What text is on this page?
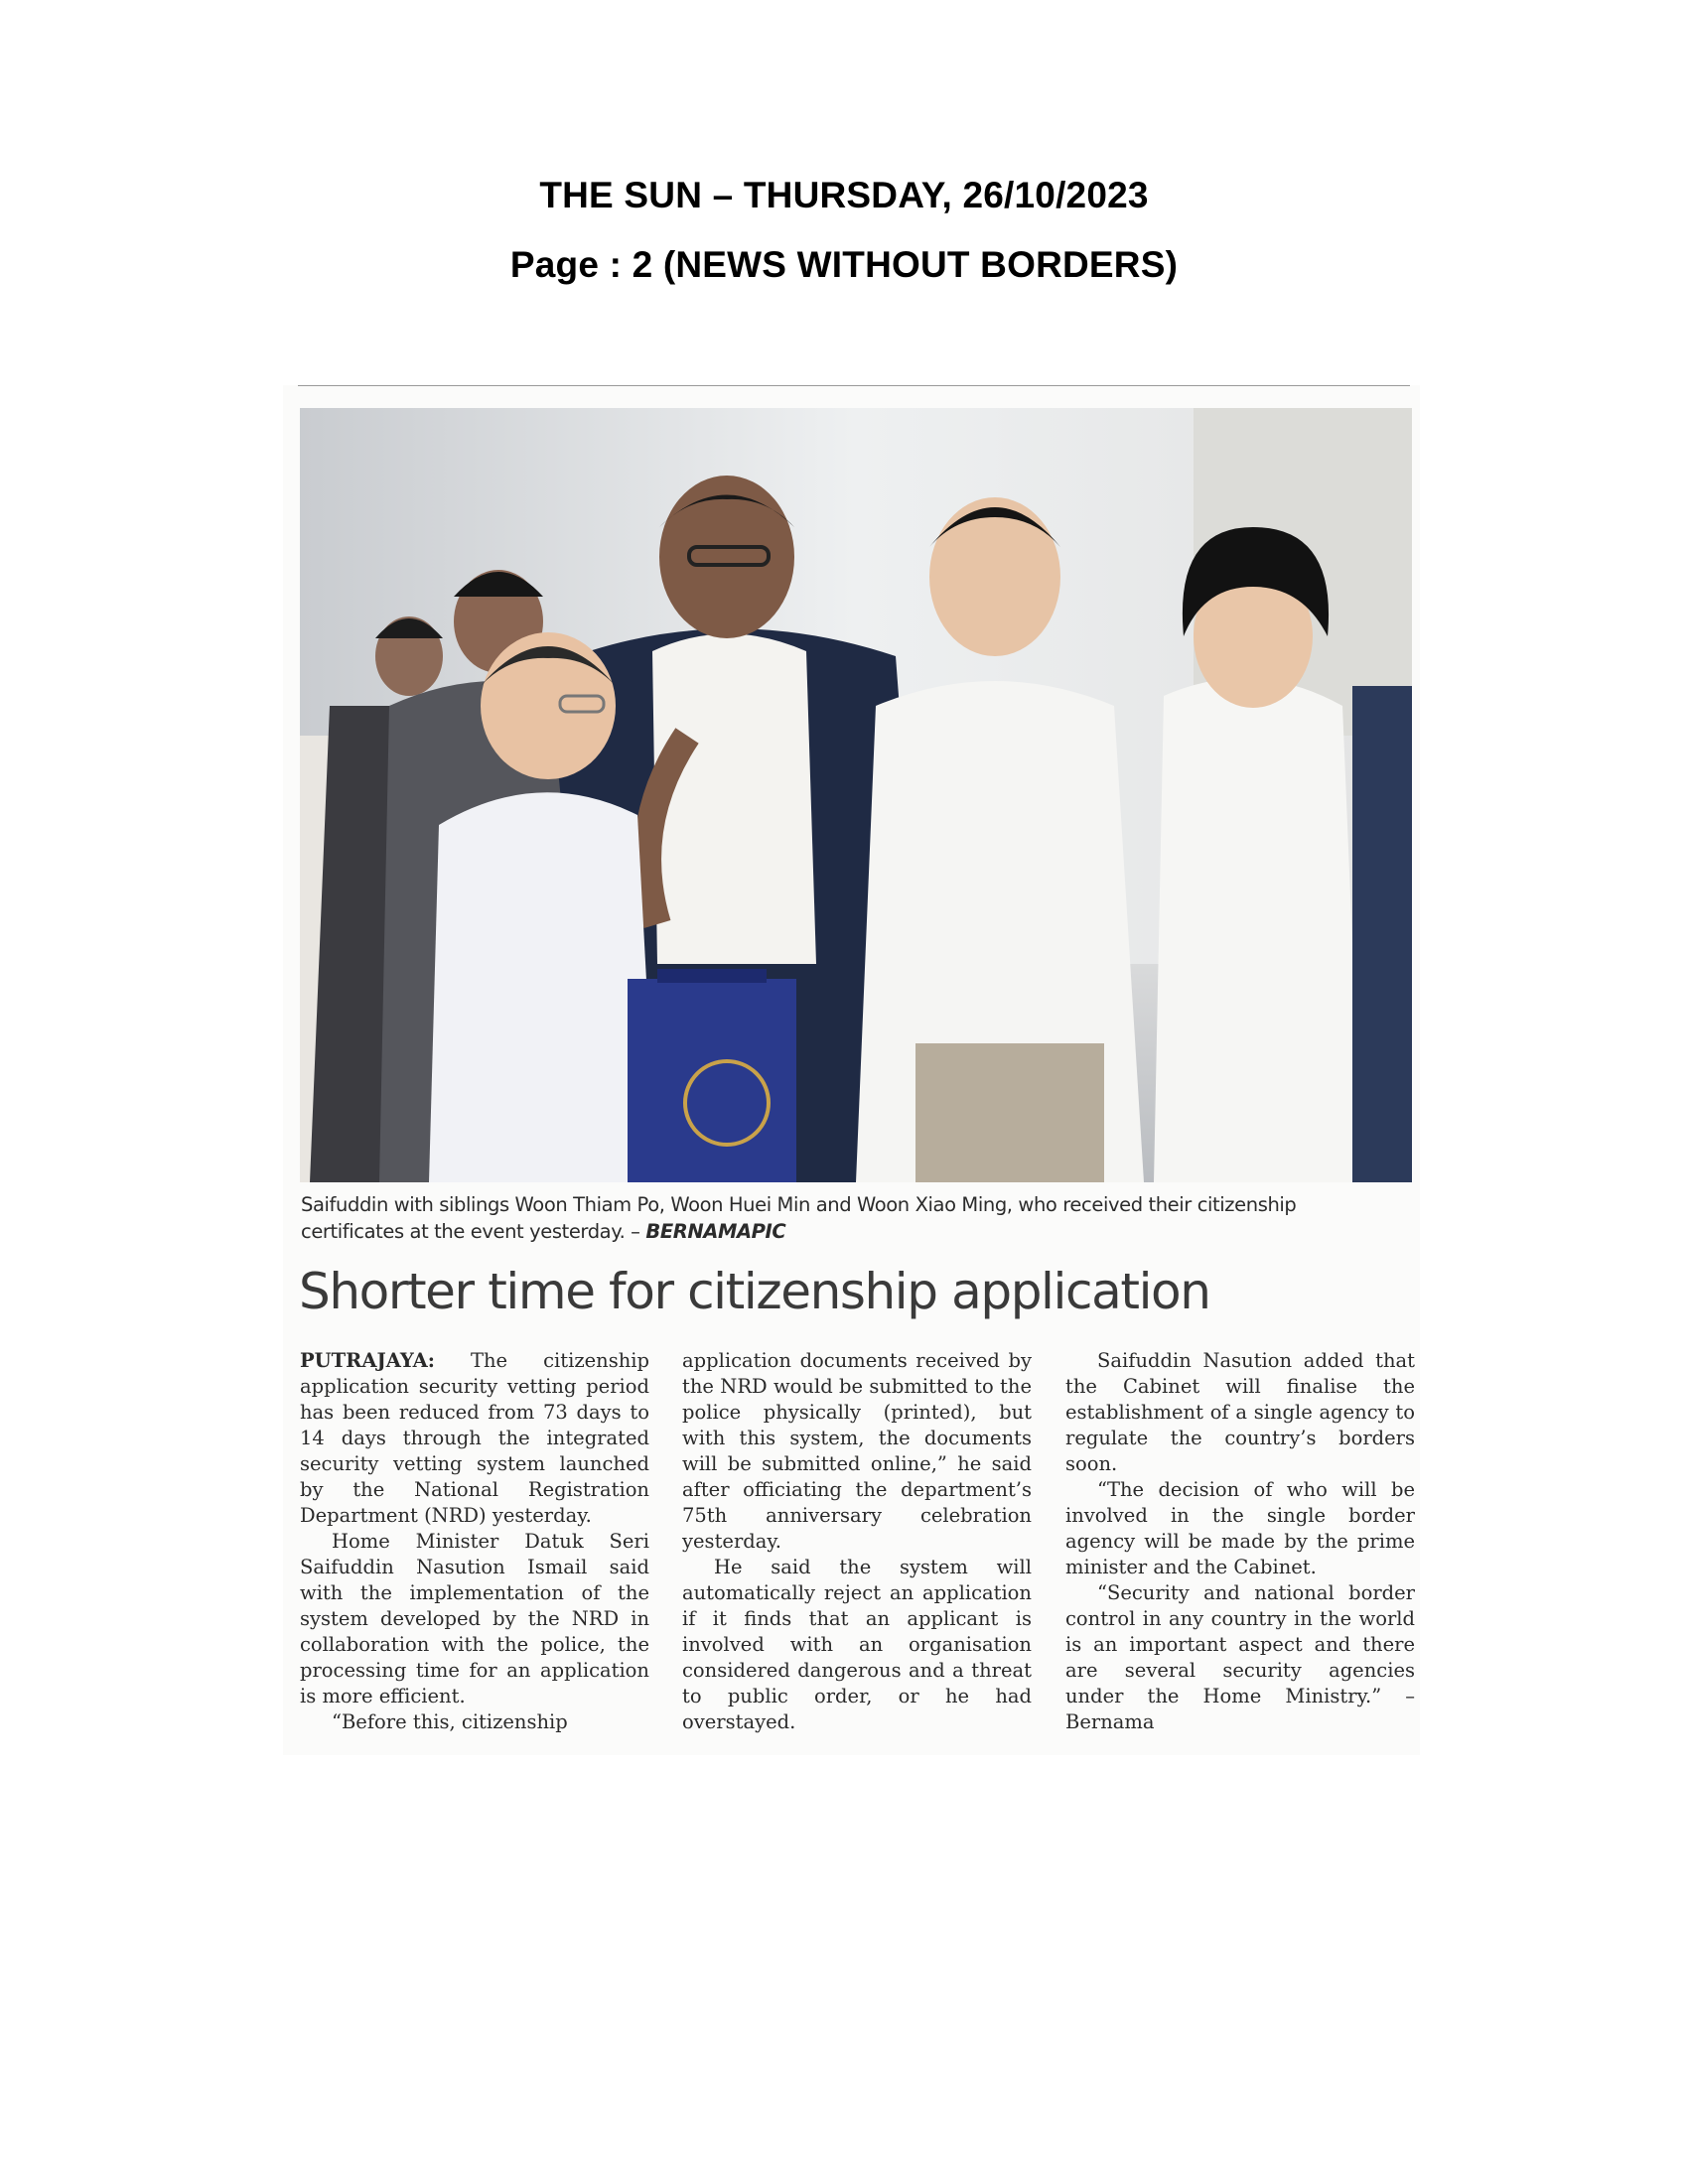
THE SUN – THURSDAY, 26/10/2023
Page : 2 (NEWS WITHOUT BORDERS)
Saifuddin with siblings Woon Thiam Po, Woon Huei Min and Woon Xiao Ming, who received their citizenship certificates at the event yesterday. – BERNAMAPIC
Shorter time for citizenship application

PUTRAJAYA: The citizenship application security vetting period has been reduced from 73 days to 14 days through the integrated security vetting system launched by the National Registration Department (NRD) yesterday.

Home Minister Datuk Seri Saifuddin Nasution Ismail said with the implementation of the system developed by the NRD in collaboration with the police, the processing time for an application is more efficient.

“Before this, citizenship

application documents received by the NRD would be submitted to the police physically (printed), but with this system, the documents will be submitted online,” he said after officiating the department’s 75th anniversary celebration yesterday.

He said the system will automatically reject an application if it finds that an applicant is involved with an organisation considered dangerous and a threat to public order, or he had overstayed.

Saifuddin Nasution added that the Cabinet will finalise the establishment of a single agency to regulate the country’s borders soon.

“The decision of who will be involved in the single border agency will be made by the prime minister and the Cabinet.

“Security and national border control in any country in the world is an important aspect and there are several security agencies under the Home Ministry.” – Bernama
